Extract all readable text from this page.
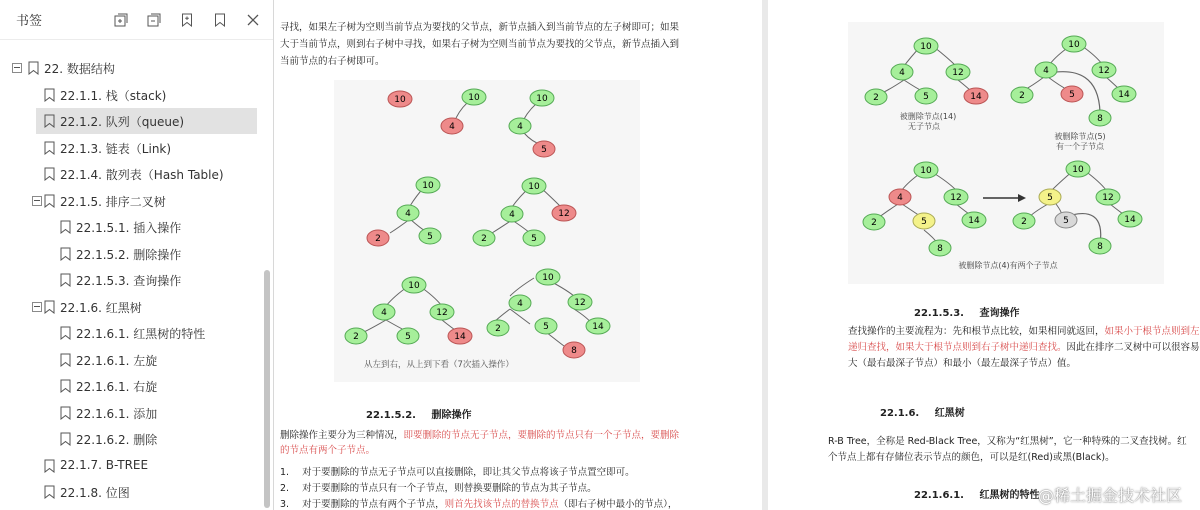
书签
22. 数据结构
22.1.1. 栈（stack)
22.1.2. 队列（queue)
22.1.3. 链表（Link)
22.1.4. 散列表（Hash Table)
22.1.5. 排序二叉树
22.1.5.1. 插入操作
22.1.5.2. 删除操作
22.1.5.3. 查询操作
22.1.6. 红黑树
22.1.6.1. 红黑树的特性
22.1.6.1. 左旋
22.1.6.1. 右旋
22.1.6.1. 添加
22.1.6.2. 删除
22.1.7. B-TREE
22.1.8. 位图
寻找，如果左子树为空则当前节点为要找的父节点，新节点插入到当前节点的左子树即可；如果
大于当前节点，则到右子树中寻找，如果右子树为空则当前节点为要找的父节点，新节点插入到
当前节点的右子树即可。
10	10
4
10
4
5
10
4
2	5
10
4	12
2	5
10
4	12
2	5	14
10
4	12
2	5	14
8
从左到右，从上到下看（7次插入操作）
22.1.5.2. 删除操作
删除操作主要分为三种情况，即要删除的节点无子节点，要删除的节点只有一个子节点，要删除
的节点有两个子节点。
1. 对于要删除的节点无子节点可以直接删除，即让其父节点将该子节点置空即可。
2. 对于要删除的节点只有一个子节点，则替换要删除的节点为其子节点。
3. 对于要删除的节点有两个子节点，则首先找该节点的替换节点（即右子树中最小的节点），
10
4	12
2	5	14
10
4	12
2	5	14
8
10
4	12
2	5	14
8
10
5	12
2	5	14
8
被删除节点(14)
无子节点
被删除节点(5)
有一个子节点
被删除节点(4)有两个子节点
22.1.5.3. 查询操作
查找操作的主要流程为：先和根节点比较，如果相同就返回，如果小于根节点则到左
递归查找，如果大于根节点则到右子树中递归查找。因此在排序二叉树中可以很容易
大（最右最深子节点）和最小（最左最深子节点）值。
22.1.6. 红黑树
R-B Tree，全称是 Red-Black Tree，又称为“红黑树”，它一种特殊的二叉查找树。红
个节点上都有存储位表示节点的颜色，可以是红(Red)或黑(Black)。
22.1.6.1. 红黑树的特性
@稀土掘金技术社区
